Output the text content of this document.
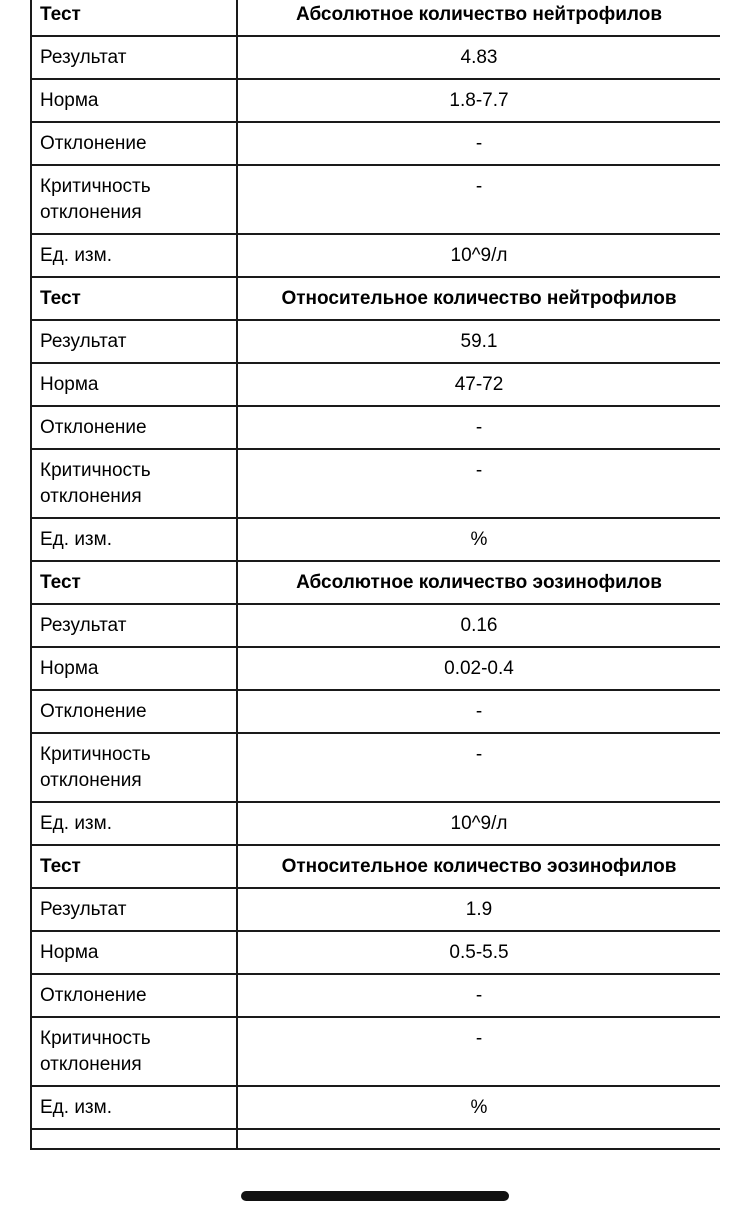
Тест	Абсолютное количество нейтрофилов
Результат	4.83
Норма	1.8-7.7
Отклонение	-
Критичность отклонения	-
Ед. изм.	10^9/л
Тест	Относительное количество нейтрофилов
Результат	59.1
Норма	47-72
Отклонение	-
Критичность отклонения	-
Ед. изм.	%
Тест	Абсолютное количество эозинофилов
Результат	0.16
Норма	0.02-0.4
Отклонение	-
Критичность отклонения	-
Ед. изм.	10^9/л
Тест	Относительное количество эозинофилов
Результат	1.9
Норма	0.5-5.5
Отклонение	-
Критичность отклонения	-
Ед. изм.	%
